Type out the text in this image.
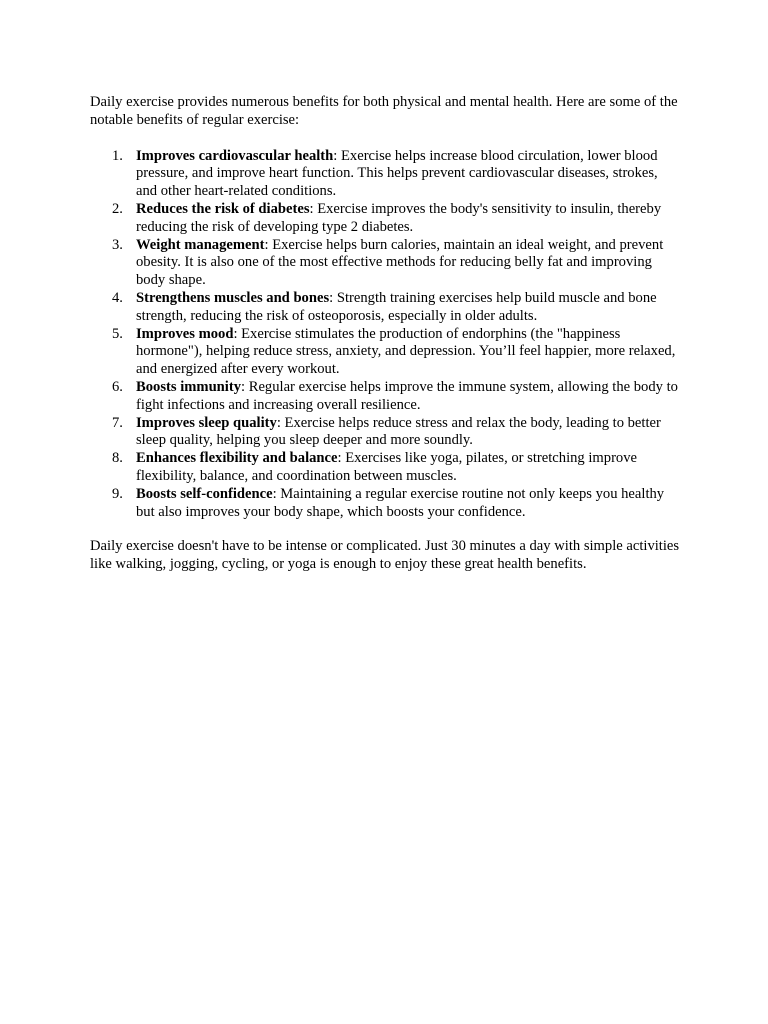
Daily exercise provides numerous benefits for both physical and mental health. Here are some of the notable benefits of regular exercise:

1. Improves cardiovascular health: Exercise helps increase blood circulation, lower blood pressure, and improve heart function. This helps prevent cardiovascular diseases, strokes, and other heart-related conditions.
2. Reduces the risk of diabetes: Exercise improves the body's sensitivity to insulin, thereby reducing the risk of developing type 2 diabetes.
3. Weight management: Exercise helps burn calories, maintain an ideal weight, and prevent obesity. It is also one of the most effective methods for reducing belly fat and improving body shape.
4. Strengthens muscles and bones: Strength training exercises help build muscle and bone strength, reducing the risk of osteoporosis, especially in older adults.
5. Improves mood: Exercise stimulates the production of endorphins (the "happiness hormone"), helping reduce stress, anxiety, and depression. You’ll feel happier, more relaxed, and energized after every workout.
6. Boosts immunity: Regular exercise helps improve the immune system, allowing the body to fight infections and increasing overall resilience.
7. Improves sleep quality: Exercise helps reduce stress and relax the body, leading to better sleep quality, helping you sleep deeper and more soundly.
8. Enhances flexibility and balance: Exercises like yoga, pilates, or stretching improve flexibility, balance, and coordination between muscles.
9. Boosts self-confidence: Maintaining a regular exercise routine not only keeps you healthy but also improves your body shape, which boosts your confidence.

Daily exercise doesn't have to be intense or complicated. Just 30 minutes a day with simple activities like walking, jogging, cycling, or yoga is enough to enjoy these great health benefits.
